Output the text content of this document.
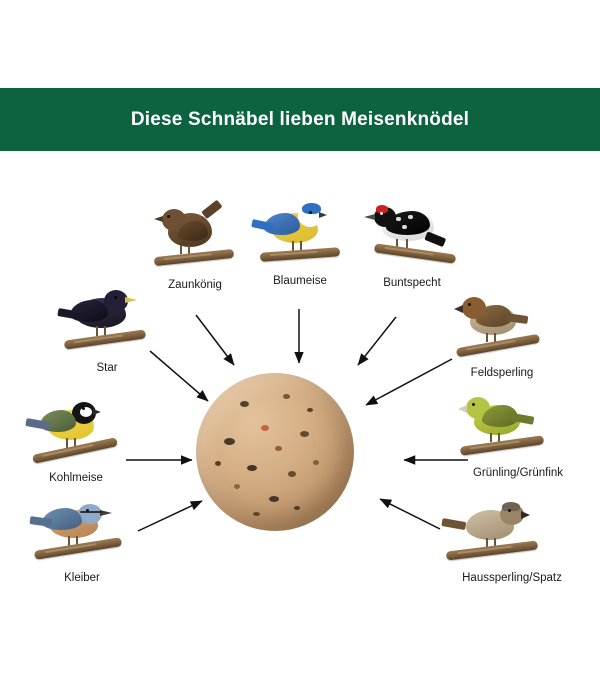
Diese Schnäbel lieben Meisenknödel
Zaunkönig	Blaumeise	Buntspecht
Star	Feldsperling
Kohlmeise	Grünling/Grünfink
Kleiber	Haussperling/Spatz
